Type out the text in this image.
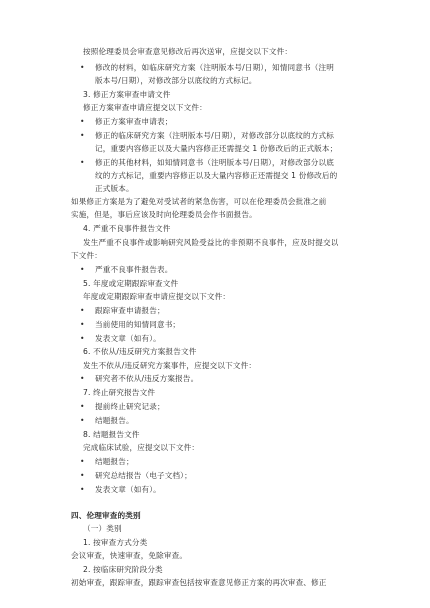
按照伦理委员会审查意见修改后再次送审，应提交以下文件：
• 修改的材料，如临床研究方案（注明版本号/日期），知情同意书（注明
版本号/日期），对修改部分以底纹的方式标记。
3. 修正方案审查申请文件
修正方案审查申请应提交以下文件：
• 修正方案审查申请表；
• 修正的临床研究方案（注明版本号/日期），对修改部分以底纹的方式标
记，重要内容修正以及大量内容修正还需提交 1 份修改后的正式版本；
• 修正的其他材料，如知情同意书（注明版本号/日期），对修改部分以底
纹的方式标记，重要内容修正以及大量内容修正还需提交 1 份修改后的
正式版本。
如果修正方案是为了避免对受试者的紧急伤害，可以在伦理委员会批准之前
实施，但是，事后应该及时向伦理委员会作书面报告。
4. 严重不良事件报告文件
发生严重不良事件或影响研究风险受益比的非预期不良事件，应及时提交以
下文件：
• 严重不良事件报告表。
5. 年度或定期跟踪审查文件
年度或定期跟踪审查申请应提交以下文件：
• 跟踪审查申请报告；
• 当前使用的知情同意书；
• 发表文章（如有）。
6. 不依从/违反研究方案报告文件
发生不依从/违反研究方案事件，应提交以下文件：
• 研究者不依从/违反方案报告。
7. 终止研究报告文件
• 提前终止研究记录；
• 结题报告。
8. 结题报告文件
完成临床试验，应提交以下文件：
• 结题报告；
• 研究总结报告（电子文档）；
• 发表文章（如有）。
四、伦理审查的类别
（一）类别
1. 按审查方式分类
会议审查，快速审查，免除审查。
2. 按临床研究阶段分类
初始审查，跟踪审查，跟踪审查包括按审查意见修正方案的再次审查、修正
